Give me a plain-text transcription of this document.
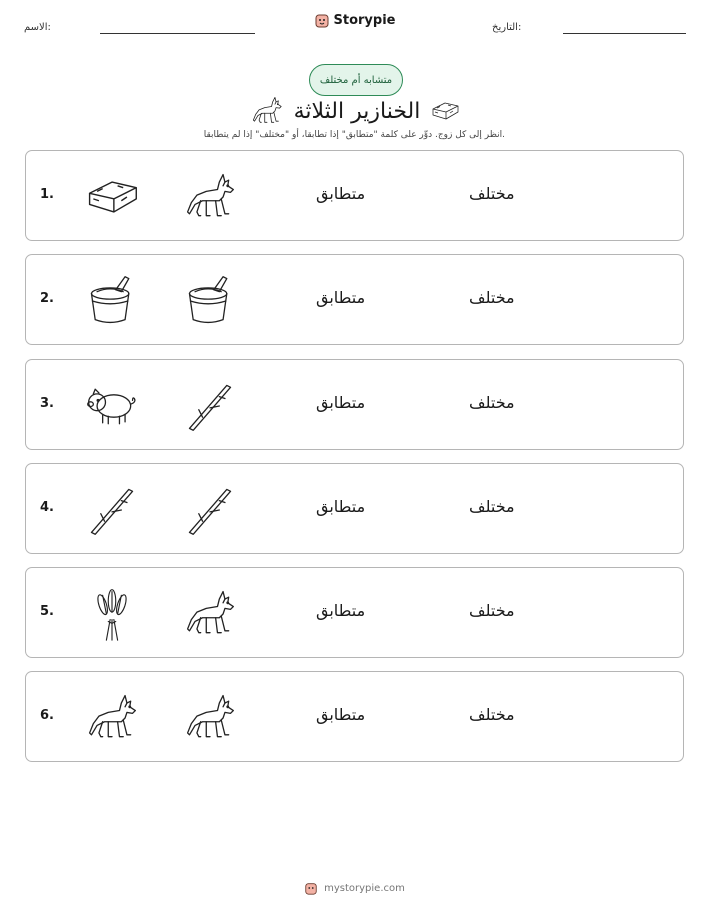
الاسم:	التاريخ:
Storypie
متشابه أم مختلف
الخنازير الثلاثة
انظر إلى كل زوج. دوِّر على كلمة "متطابق" إذا تطابقا، أو "مختلف" إذا لم يتطابقا.
1.	متطابق	مختلف
2.	متطابق	مختلف
3.	متطابق	مختلف
4.	متطابق	مختلف
5.	متطابق	مختلف
6.	متطابق	مختلف
mystorypie.com
